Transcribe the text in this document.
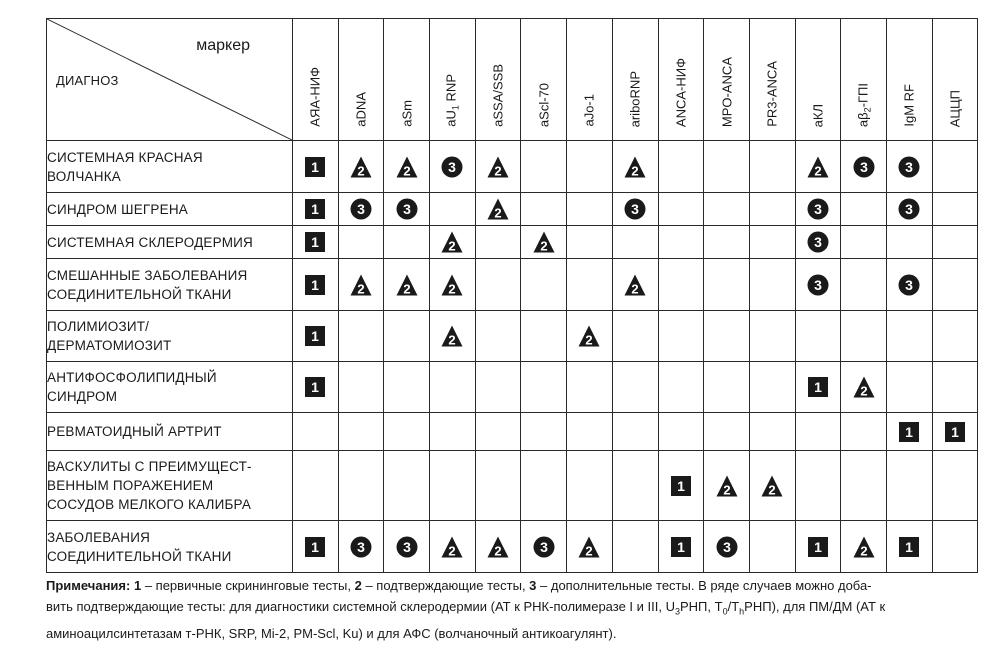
маркер
ДИАГНОЗ	АЯА-НИФ	aDNA	aSm	$aU_1$ RNP	aSSA/SSB	aScl-70	aJo-1	ariboRNP	ANCA-НИФ	MPO-ANCA	PR3-ANCA	aКЛ	$a\beta_2$-ГПI	IgM RF	АЦЦП

СИСТЕМНАЯ КРАСНАЯ
ВОЛЧАНКА	1	2	2	3	2			2				2	3	3	

СИНДРОМ ШЕГРЕНА	1	3	3		2			3				3		3	

СИСТЕМНАЯ СКЛЕРОДЕРМИЯ	1			2		2						3			

СМЕШАННЫЕ ЗАБОЛЕВАНИЯ
СОЕДИНИТЕЛЬНОЙ ТКАНИ	1	2	2	2				2				3		3	

ПОЛИМИОЗИТ/
ДЕРМАТОМИОЗИТ	1			2			2								

АНТИФОСФОЛИПИДНЫЙ
СИНДРОМ	1											1	2		

РЕВМАТОИДНЫЙ АРТРИТ														1	1

ВАСКУЛИТЫ С ПРЕИМУЩЕСТ-
ВЕННЫМ ПОРАЖЕНИЕМ
СОСУДОВ МЕЛКОГО КАЛИБРА									1	2	2				

ЗАБОЛЕВАНИЯ
СОЕДИНИТЕЛЬНОЙ ТКАНИ	1	3	3	2	2	3	2		1	3		1	2	1	

Примечания: 1 – первичные скрининговые тесты, 2 – подтверждающие тесты, 3 – дополнительные тесты. В ряде случаев можно доба-
вить подтверждающие тесты: для диагностики системной склеродермии (АТ к РНК-полимеразе I и III, $U_3РНП$, $T_0/T_hРНП$), для ПМ/ДМ (АТ к
аминоацилсинтетазам т-РНК, SRP, Mi-2, PM-Scl, Ku) и для АФС (волчаночный антикоагулянт).
